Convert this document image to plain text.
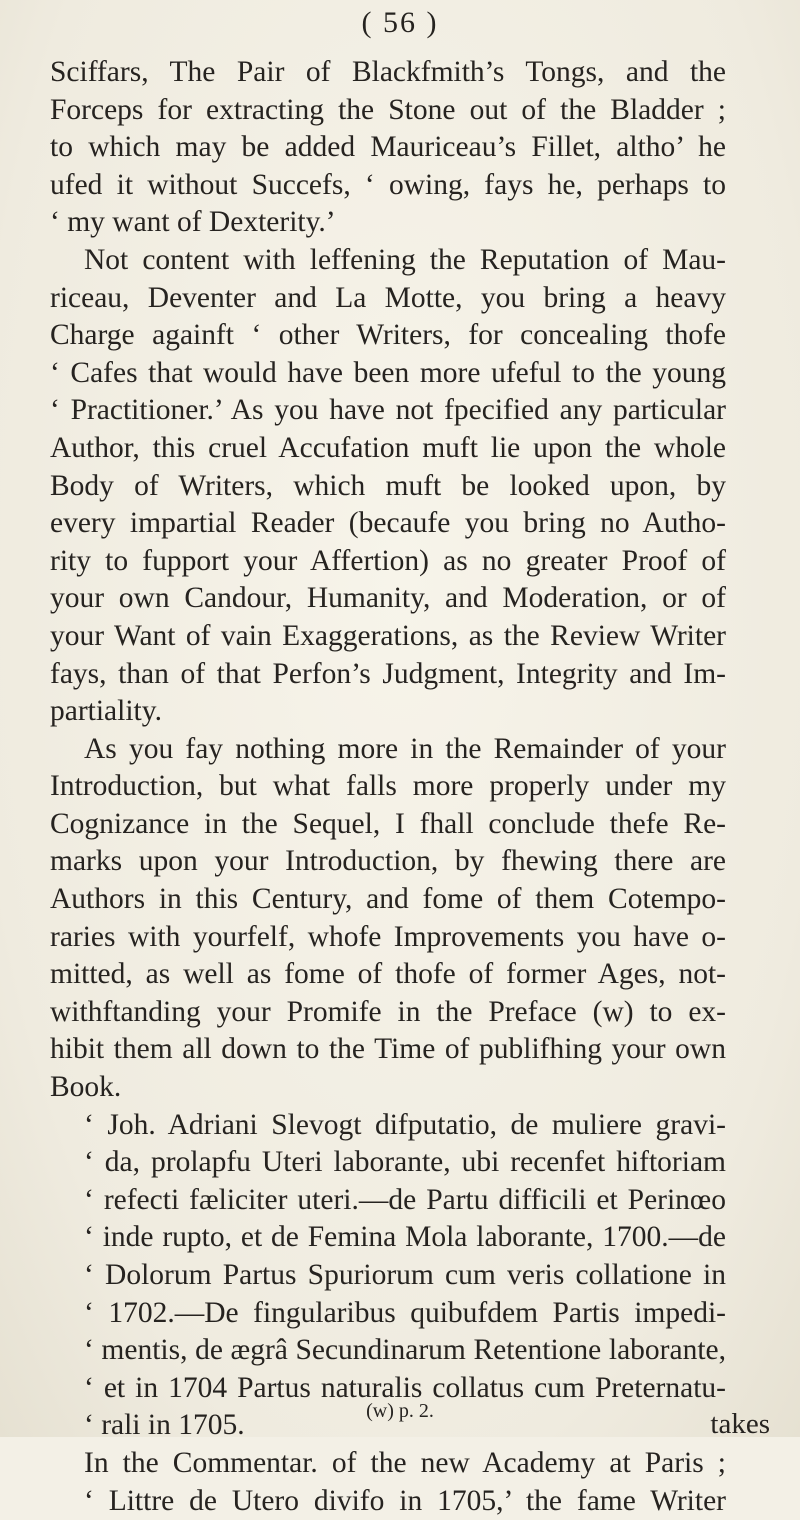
( 56 )
Sciffars, The Pair of Blackfmith’s Tongs, and the
Forceps for extracting the Stone out of the Bladder ;
to which may be added Mauriceau’s Fillet, altho’ he
ufed it without Succefs, ‘ owing, fays he, perhaps to
‘ my want of Dexterity.’
Not content with leffening the Reputation of Mau-
riceau, Deventer and La Motte, you bring a heavy
Charge againft ‘ other Writers, for concealing thofe
‘ Cafes that would have been more ufeful to the young
‘ Practitioner.’ As you have not fpecified any particular
Author, this cruel Accufation muft lie upon the whole
Body of Writers, which muft be looked upon, by
every impartial Reader (becaufe you bring no Autho-
rity to fupport your Affertion) as no greater Proof of
your own Candour, Humanity, and Moderation, or of
your Want of vain Exaggerations, as the Review Writer
fays, than of that Perfon’s Judgment, Integrity and Im-
partiality.
As you fay nothing more in the Remainder of your
Introduction, but what falls more properly under my
Cognizance in the Sequel, I fhall conclude thefe Re-
marks upon your Introduction, by fhewing there are
Authors in this Century, and fome of them Cotempo-
raries with yourfelf, whofe Improvements you have o-
mitted, as well as fome of thofe of former Ages, not-
withftanding your Promife in the Preface (w) to ex-
hibit them all down to the Time of publifhing your own
Book.
‘ Joh. Adriani Slevogt difputatio, de muliere gravi-
‘ da, prolapfu Uteri laborante, ubi recenfet hiftoriam
‘ refecti fæliciter uteri.—de Partu difficili et Perinœo
‘ inde rupto, et de Femina Mola laborante, 1700.—de
‘ Dolorum Partus Spuriorum cum veris collatione in
‘ 1702.—De fingularibus quibufdem Partis impedi-
‘ mentis, de ægrâ Secundinarum Retentione laborante,
‘ et in 1704 Partus naturalis collatus cum Preternatu-
‘ rali in 1705.
In the Commentar. of the new Academy at Paris ;
‘ Littre de Utero divifo in 1705,’ the fame Writer
(w) p. 2.	takes
